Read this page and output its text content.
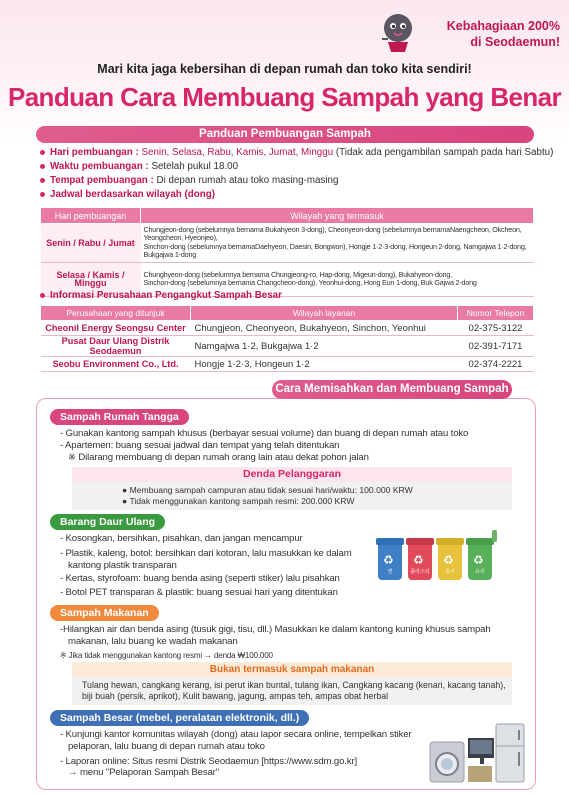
Kebahagiaan 200%
di Seodaemun!
Mari kita jaga kebersihan di depan rumah dan toko kita sendiri!
Panduan Cara Membuang Sampah yang Benar
Panduan Pembuangan Sampah
Hari pembuangan : Senin, Selasa, Rabu, Kamis, Jumat, Minggu (Tidak ada pengambilan sampah pada hari Sabtu)
Waktu pembuangan : Setelah pukul 18.00
Tempat pembuangan : Di depan rumah atau toko masing-masing
Jadwal berdasarkan wilayah (dong)
Hari pembuangan	Wilayah yang termasuk
Senin / Rabu / Jumat	Chungjeon-dong (sebelumnya bernama Bukahyeon 3-dong), Cheonyeon-dong (sebelumnya bernamaNaengcheon, Okcheon, Yeongcheon, Hyeonjeo),
Sinchon-dong (sebelumnya bernamaDaehyeon, Daesin, Bongwon), Hongje 1·2·3-dong, Hongeun 2-dong, Namgajwa 1·2-dong, Bukgajwa 1-dong

Selasa / Kamis / Minggu	Chunghyeon-dong (sebelumnya bernama Chungjeong-ro, Hap-dong, Migeun-dong), Bukahyeon-dong,
Sinchon-dong (sebelumnya bernama Changcheon-dong), Yeonhui-dong, Hong Eun 1-dong, Buk Gajwa 2-dong
Informasi Perusahaan Pengangkut Sampah Besar
Perusahaan yang ditunjuk	Wilayah layanan	Nomor Telepon
Cheonil Energy Seongsu Center	Chungjeon, Cheonyeon, Bukahyeon, Sinchon, Yeonhui	02-375-3122
Pusat Daur Ulang Distrik Seodaemun	Namgajwa 1·2, Bukgajwa 1·2	02-391-7171
Seobu Environment Co., Ltd.	Hongje 1·2·3, Hongeun 1·2	02-374-2221
Cara Memisahkan dan Membuang Sampah
Sampah Rumah Tangga
- Gunakan kantong sampah khusus (berbayar sesuai volume) dan buang di depan rumah atau toko
- Apartemen: buang sesuai jadwal dan tempat yang telah ditentukan
※ Dilarang membuang di depan rumah orang lain atau dekat pohon jalan
Denda Pelanggaran
● Membuang sampah campuran atau tidak sesuai hari/waktu: 100.000 KRW
● Tidak menggunakan kantong sampah resmi: 200.000 KRW
Barang Daur Ulang
- Kosongkan, bersihkan, pisahkan, dan jangan mencampur
- Plastik, kaleng, botol: bersihkan dari kotoran, lalu masukkan ke dalam
kantong plastik transparan
- Kertas, styrofoam: buang benda asing (seperti stiker) lalu pisahkan
- Botol PET transparan & plastik: buang sesuai hari yang ditentukan
♻
캔
♻
플라스틱
♻
종이
♻
유리
Sampah Makanan
-Hilangkan air dan benda asing (tusuk gigi, tisu, dll.) Masukkan ke dalam kantong kuning khusus sampah
makanan, lalu buang ke wadah makanan
※ Jika tidak menggunakan kantong resmi → denda ₩100.000
Bukan termasuk sampah makanan
Tulang hewan, cangkang kerang, isi perut ikan buntal, tulang ikan, Cangkang kacang (kenari, kacang tanah),
biji buah (persik, aprikot), Kulit bawang, jagung, ampas teh, ampas obat herbal
Sampah Besar (mebel, peralatan elektronik, dll.)
- Kunjungi kantor komunitas wilayah (dong) atau lapor secara online, tempelkan stiker
pelaporan, lalu buang di depan rumah atau toko
- Laporan online: Situs resmi Distrik Seodaemun [https://www.sdm.go.kr]
→ menu "Pelaporan Sampah Besar"
